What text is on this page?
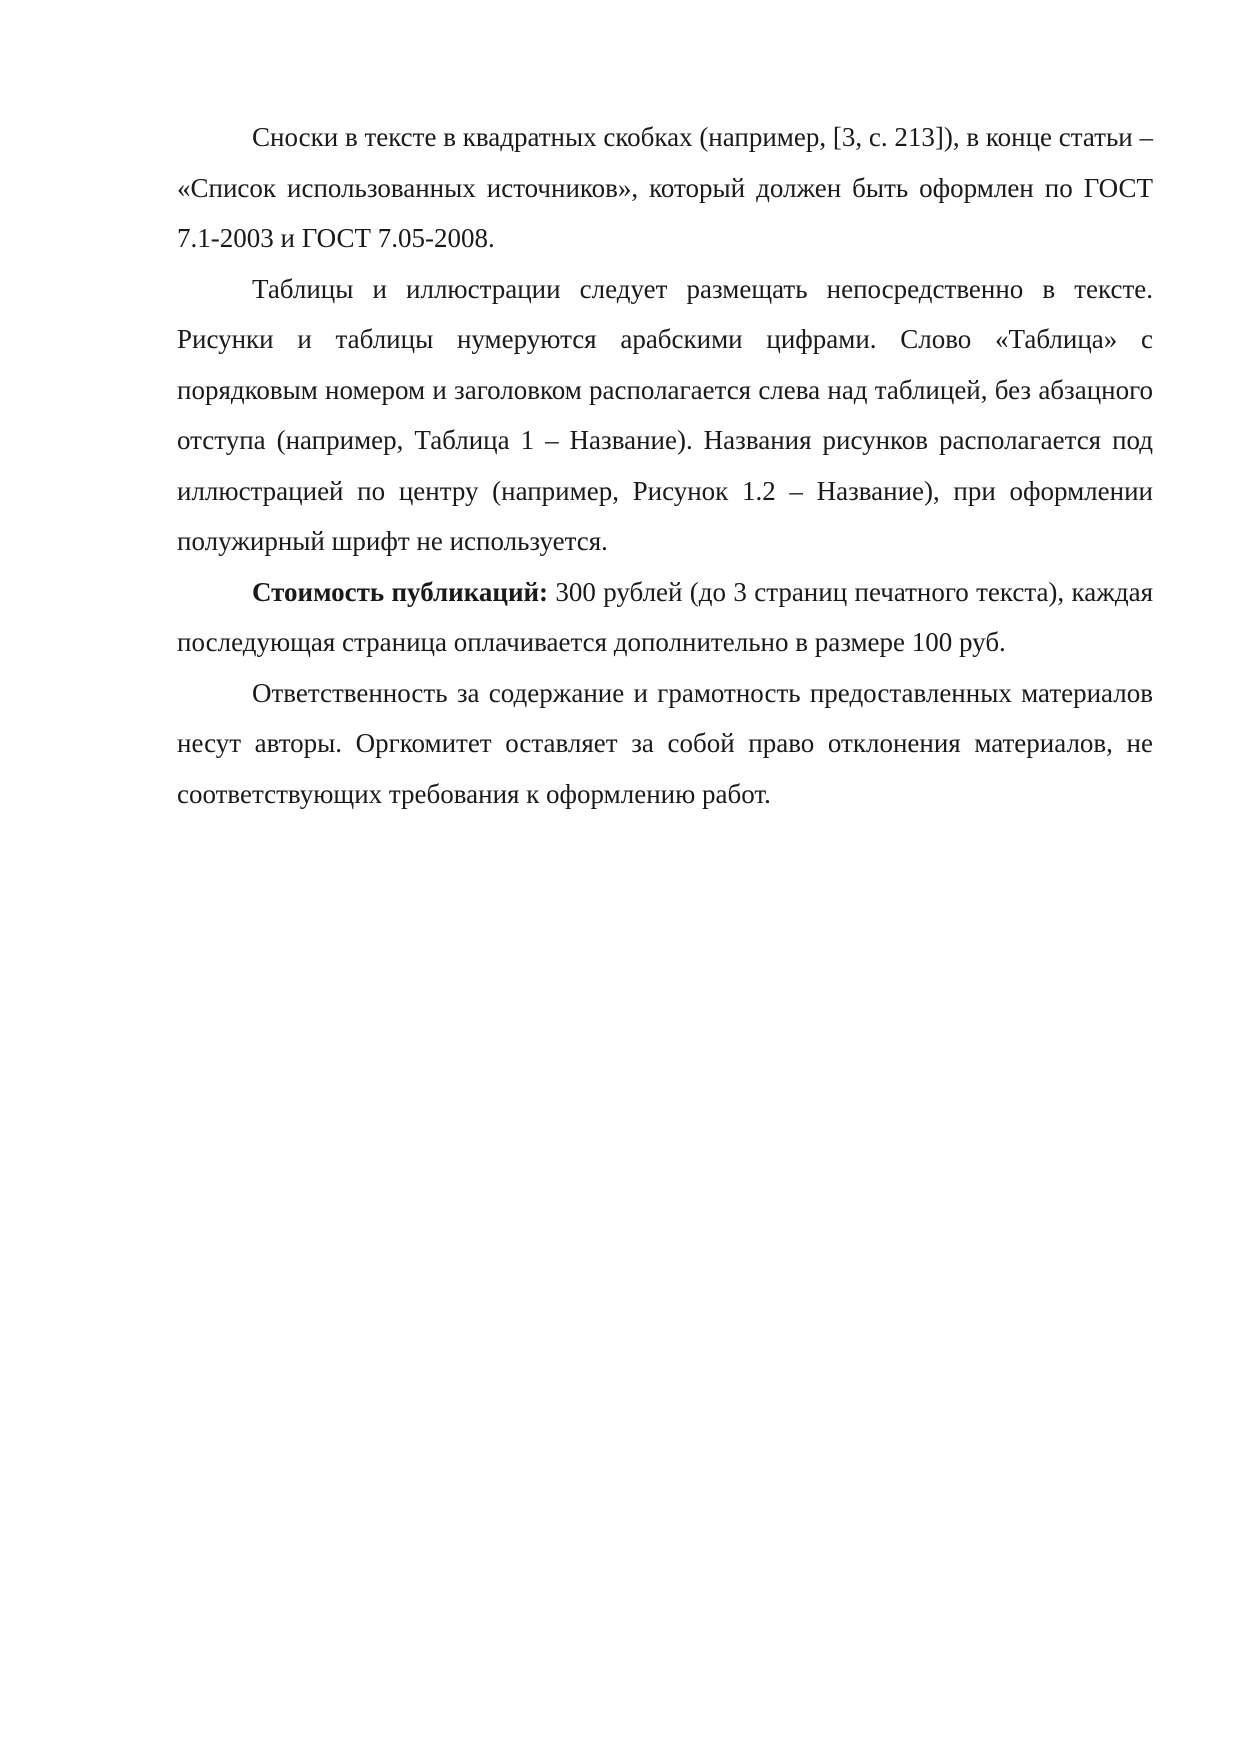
Сноски в тексте в квадратных скобках (например, [3, с. 213]), в конце статьи – «Список использованных источников», который должен быть оформлен по ГОСТ 7.1-2003 и ГОСТ 7.05-2008.

Таблицы и иллюстрации следует размещать непосредственно в тексте. Рисунки и таблицы нумеруются арабскими цифрами. Слово «Таблица» с порядковым номером и заголовком располагается слева над таблицей, без абзацного отступа (например, Таблица 1 – Название). Названия рисунков располагается под иллюстрацией по центру (например, Рисунок 1.2 – Название), при оформлении полужирный шрифт не используется.

Стоимость публикаций: 300 рублей (до 3 страниц печатного текста), каждая последующая страница оплачивается дополнительно в размере 100 руб.

Ответственность за содержание и грамотность предоставленных материалов несут авторы. Оргкомитет оставляет за собой право отклонения материалов, не соответствующих требования к оформлению работ.
